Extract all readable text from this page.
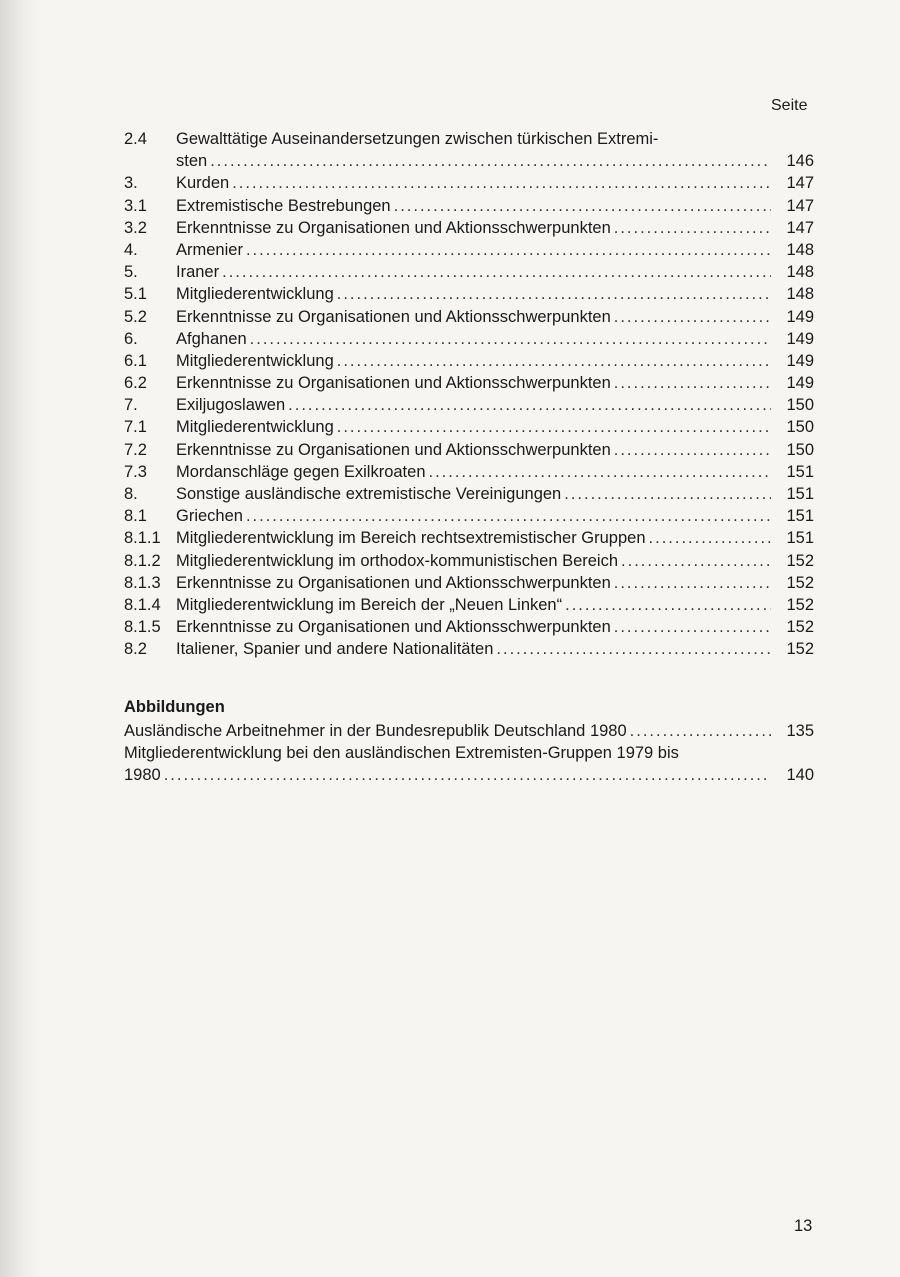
Seite
2.4	Gewalttätige Auseinandersetzungen zwischen türkischen Extremi-
sten .....	146
3.	Kurden .....	147
3.1	Extremistische Bestrebungen .....	147
3.2	Erkenntnisse zu Organisationen und Aktionsschwerpunkten .....	147
4.	Armenier .....	148
5.	Iraner .....	148
5.1	Mitgliederentwicklung .....	148
5.2	Erkenntnisse zu Organisationen und Aktionsschwerpunkten .....	149
6.	Afghanen .....	149
6.1	Mitgliederentwicklung .....	149
6.2	Erkenntnisse zu Organisationen und Aktionsschwerpunkten .....	149
7.	Exiljugoslawen .....	150
7.1	Mitgliederentwicklung .....	150
7.2	Erkenntnisse zu Organisationen und Aktionsschwerpunkten .....	150
7.3	Mordanschläge gegen Exilkroaten .....	151
8.	Sonstige ausländische extremistische Vereinigungen .....	151
8.1	Griechen .....	151
8.1.1 Mitgliederentwicklung im Bereich rechtsextremistischer Gruppen .....	151
8.1.2 Mitgliederentwicklung im orthodox-kommunistischen Bereich .....	152
8.1.3 Erkenntnisse zu Organisationen und Aktionsschwerpunkten .....	152
8.1.4 Mitgliederentwicklung im Bereich der „Neuen Linken“ .....	152
8.1.5 Erkenntnisse zu Organisationen und Aktionsschwerpunkten .....	152
8.2	Italiener, Spanier und andere Nationalitäten .....	152
Abbildungen
Ausländische Arbeitnehmer in der Bundesrepublik Deutschland 1980 .....	135
Mitgliederentwicklung bei den ausländischen Extremisten-Gruppen 1979 bis
1980 .....	140
13
